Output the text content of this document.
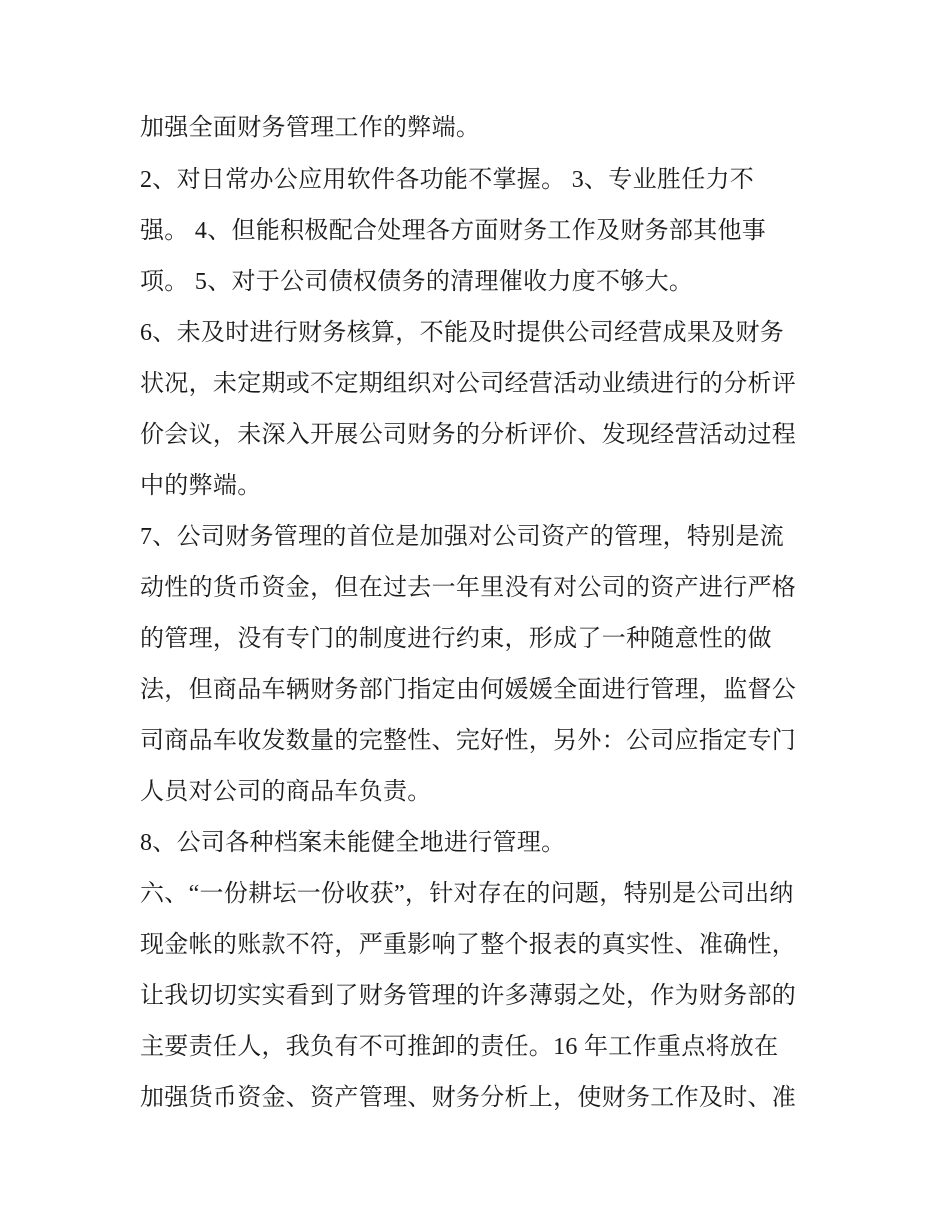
加强全面财务管理工作的弊端。
2、对日常办公应用软件各功能不掌握。 3、专业胜任力不
强。 4、但能积极配合处理各方面财务工作及财务部其他事
项。 5、对于公司债权债务的清理催收力度不够大。
6、未及时进行财务核算，不能及时提供公司经营成果及财务
状况，未定期或不定期组织对公司经营活动业绩进行的分析评
价会议，未深入开展公司财务的分析评价、发现经营活动过程
中的弊端。
7、公司财务管理的首位是加强对公司资产的管理，特别是流
动性的货币资金，但在过去一年里没有对公司的资产进行严格
的管理，没有专门的制度进行约束，形成了一种随意性的做
法，但商品车辆财务部门指定由何媛媛全面进行管理，监督公
司商品车收发数量的完整性、完好性，另外：公司应指定专门
人员对公司的商品车负责。
8、公司各种档案未能健全地进行管理。
六、“一份耕坛一份收获”，针对存在的问题，特别是公司出纳
现金帐的账款不符，严重影响了整个报表的真实性、准确性，
让我切切实实看到了财务管理的许多薄弱之处，作为财务部的
主要责任人，我负有不可推卸的责任。16 年工作重点将放在
加强货币资金、资产管理、财务分析上，使财务工作及时、准
